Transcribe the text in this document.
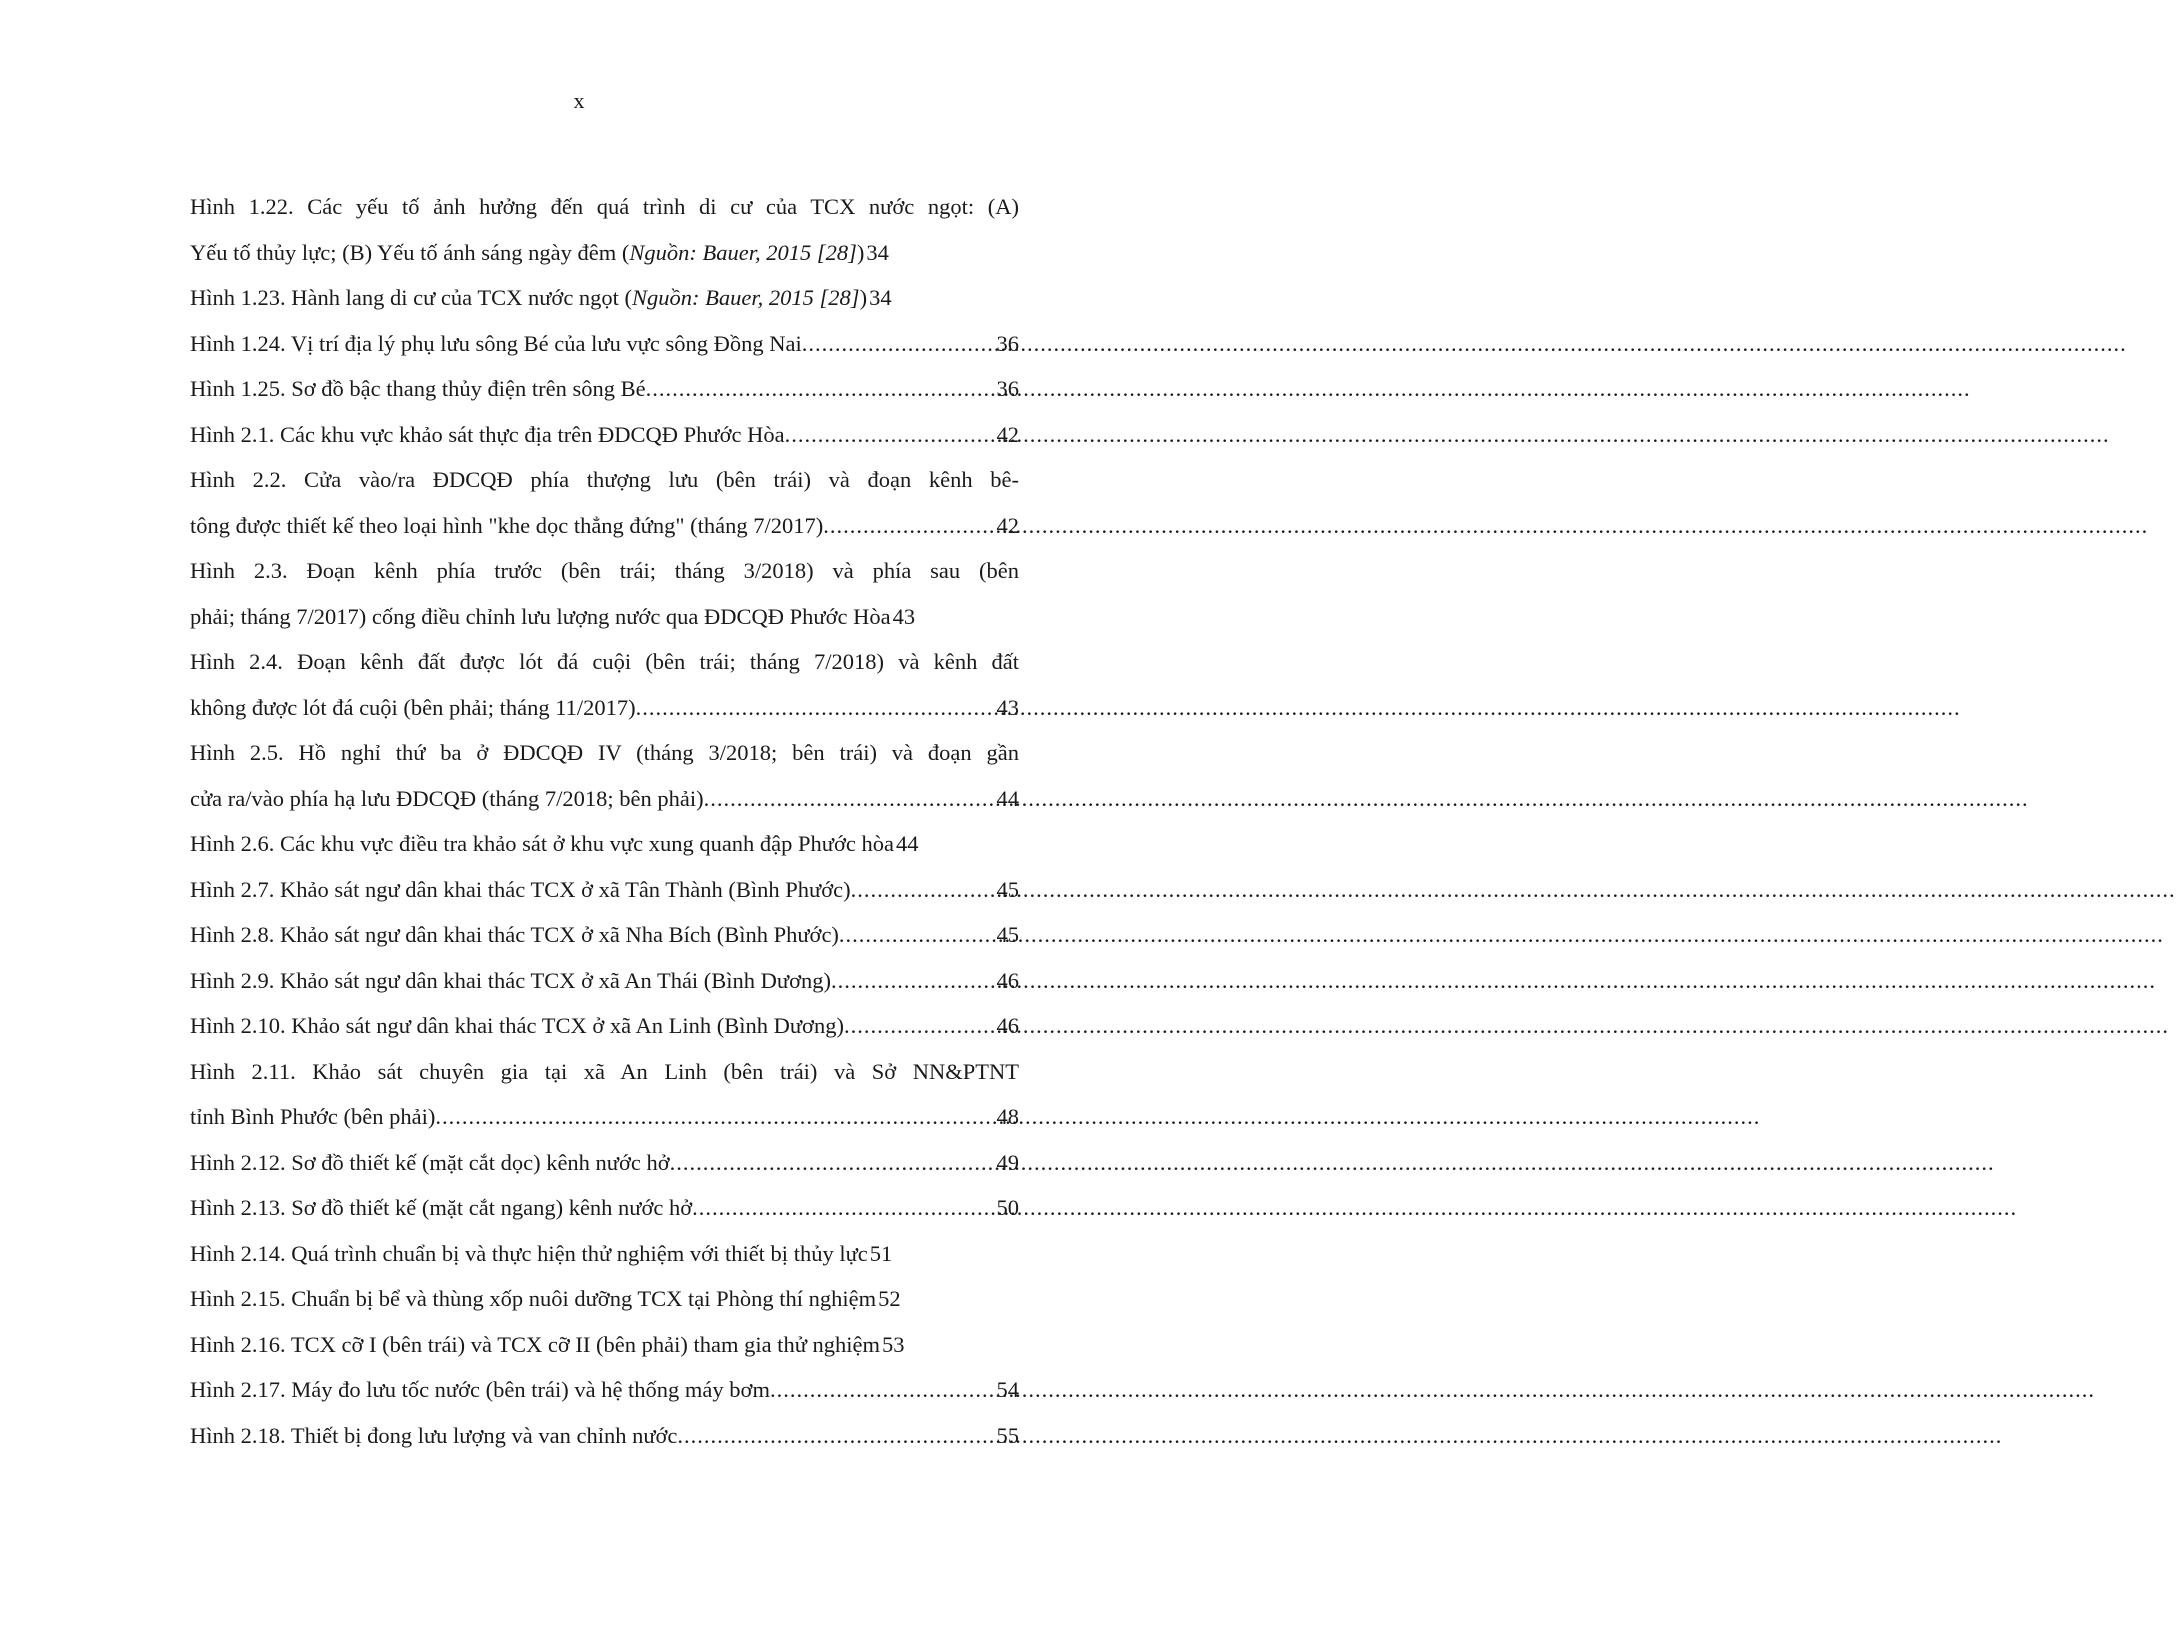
x
Hình 1.22. Các yếu tố ảnh hưởng đến quá trình di cư của TCX nước ngọt: (A)
Yếu tố thủy lực; (B) Yếu tố ánh sáng ngày đêm (Nguồn: Bauer, 2015 [28]) 34
Hình 1.23. Hành lang di cư của TCX nước ngọt (Nguồn: Bauer, 2015 [28]) 34
Hình 1.24. Vị trí địa lý phụ lưu sông Bé của lưu vực sông Đồng Nai .....	36
Hình 1.25. Sơ đồ bậc thang thủy điện trên sông Bé .....	36
Hình 2.1. Các khu vực khảo sát thực địa trên ĐDCQĐ Phước Hòa .....	42
Hình 2.2. Cửa vào/ra ĐDCQĐ phía thượng lưu (bên trái) và đoạn kênh bê-
tông được thiết kế theo loại hình "khe dọc thẳng đứng" (tháng 7/2017) .....	42
Hình 2.3. Đoạn kênh phía trước (bên trái; tháng 3/2018) và phía sau (bên
phải; tháng 7/2017) cống điều chỉnh lưu lượng nước qua ĐDCQĐ Phước Hòa 43
Hình 2.4. Đoạn kênh đất được lót đá cuội (bên trái; tháng 7/2018) và kênh đất
không được lót đá cuội (bên phải; tháng 11/2017) .....	43
Hình 2.5. Hồ nghỉ thứ ba ở ĐDCQĐ IV (tháng 3/2018; bên trái) và đoạn gần
cửa ra/vào phía hạ lưu ĐDCQĐ (tháng 7/2018; bên phải) .....	44
Hình 2.6. Các khu vực điều tra khảo sát ở khu vực xung quanh đập Phước hòa 44
Hình 2.7. Khảo sát ngư dân khai thác TCX ở xã Tân Thành (Bình Phước) .....	45
Hình 2.8. Khảo sát ngư dân khai thác TCX ở xã Nha Bích (Bình Phước) .....	45
Hình 2.9. Khảo sát ngư dân khai thác TCX ở xã An Thái (Bình Dương) .....	46
Hình 2.10. Khảo sát ngư dân khai thác TCX ở xã An Linh (Bình Dương) .....	46
Hình 2.11. Khảo sát chuyên gia tại xã An Linh (bên trái) và Sở NN&PTNT
tỉnh Bình Phước (bên phải) .....	48
Hình 2.12. Sơ đồ thiết kế (mặt cắt dọc) kênh nước hở .....	49
Hình 2.13. Sơ đồ thiết kế (mặt cắt ngang) kênh nước hở .....	50
Hình 2.14. Quá trình chuẩn bị và thực hiện thử nghiệm với thiết bị thủy lực 51
Hình 2.15. Chuẩn bị bể và thùng xốp nuôi dưỡng TCX tại Phòng thí nghiệm 52
Hình 2.16. TCX cỡ I (bên trái) và TCX cỡ II (bên phải) tham gia thử nghiệm 53
Hình 2.17. Máy đo lưu tốc nước (bên trái) và hệ thống máy bơm .....	54
Hình 2.18. Thiết bị đong lưu lượng và van chỉnh nước .....	55
